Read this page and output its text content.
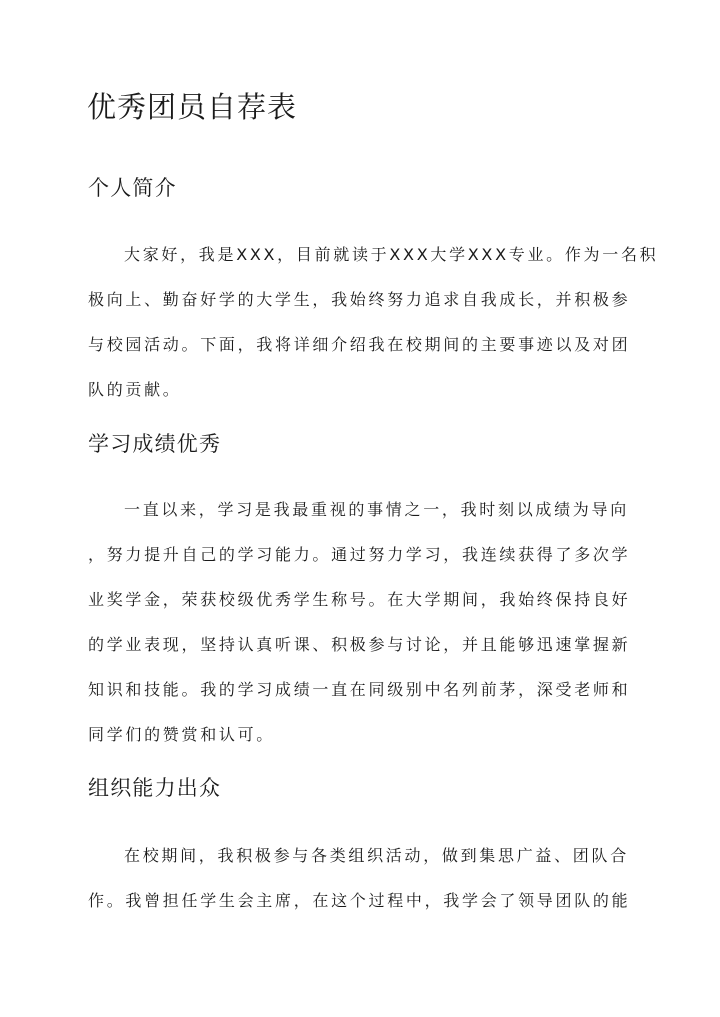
优秀团员自荐表
个人简介
大家好，我是XXX，目前就读于XXX大学XXX专业。作为一名积
极向上、勤奋好学的大学生，我始终努力追求自我成长，并积极参
与校园活动。下面，我将详细介绍我在校期间的主要事迹以及对团
队的贡献。
学习成绩优秀
一直以来，学习是我最重视的事情之一，我时刻以成绩为导向
，努力提升自己的学习能力。通过努力学习，我连续获得了多次学
业奖学金，荣获校级优秀学生称号。在大学期间，我始终保持良好
的学业表现，坚持认真听课、积极参与讨论，并且能够迅速掌握新
知识和技能。我的学习成绩一直在同级别中名列前茅，深受老师和
同学们的赞赏和认可。
组织能力出众
在校期间，我积极参与各类组织活动，做到集思广益、团队合
作。我曾担任学生会主席，在这个过程中，我学会了领导团队的能
